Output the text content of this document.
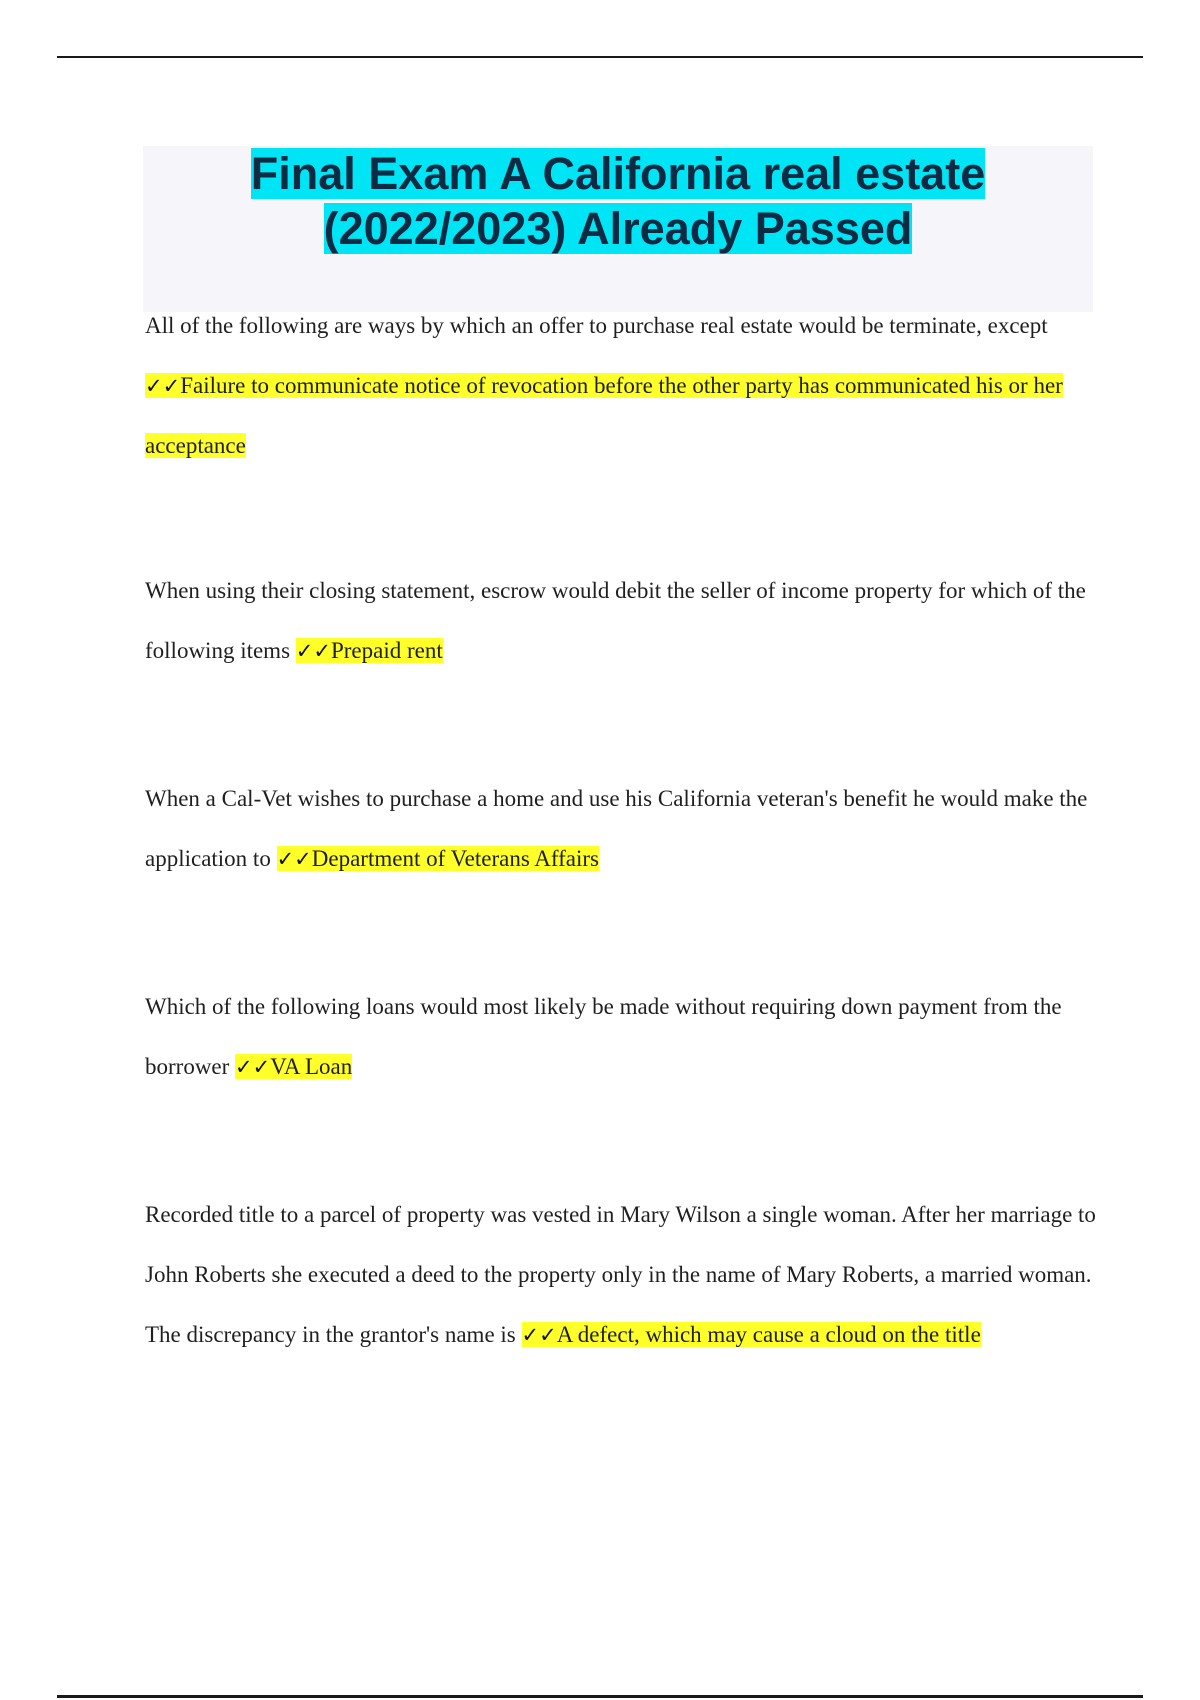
Final Exam A California real estate
(2022/2023) Already Passed

All of the following are ways by which an offer to purchase real estate would be terminate, except ✓✓Failure to communicate notice of revocation before the other party has communicated his or her acceptance

When using their closing statement, escrow would debit the seller of income property for which of the following items ✓✓Prepaid rent

When a Cal-Vet wishes to purchase a home and use his California veteran's benefit he would make the application to ✓✓Department of Veterans Affairs

Which of the following loans would most likely be made without requiring down payment from the borrower ✓✓VA Loan

Recorded title to a parcel of property was vested in Mary Wilson a single woman. After her marriage to John Roberts she executed a deed to the property only in the name of Mary Roberts, a married woman. The discrepancy in the grantor's name is ✓✓A defect, which may cause a cloud on the title
